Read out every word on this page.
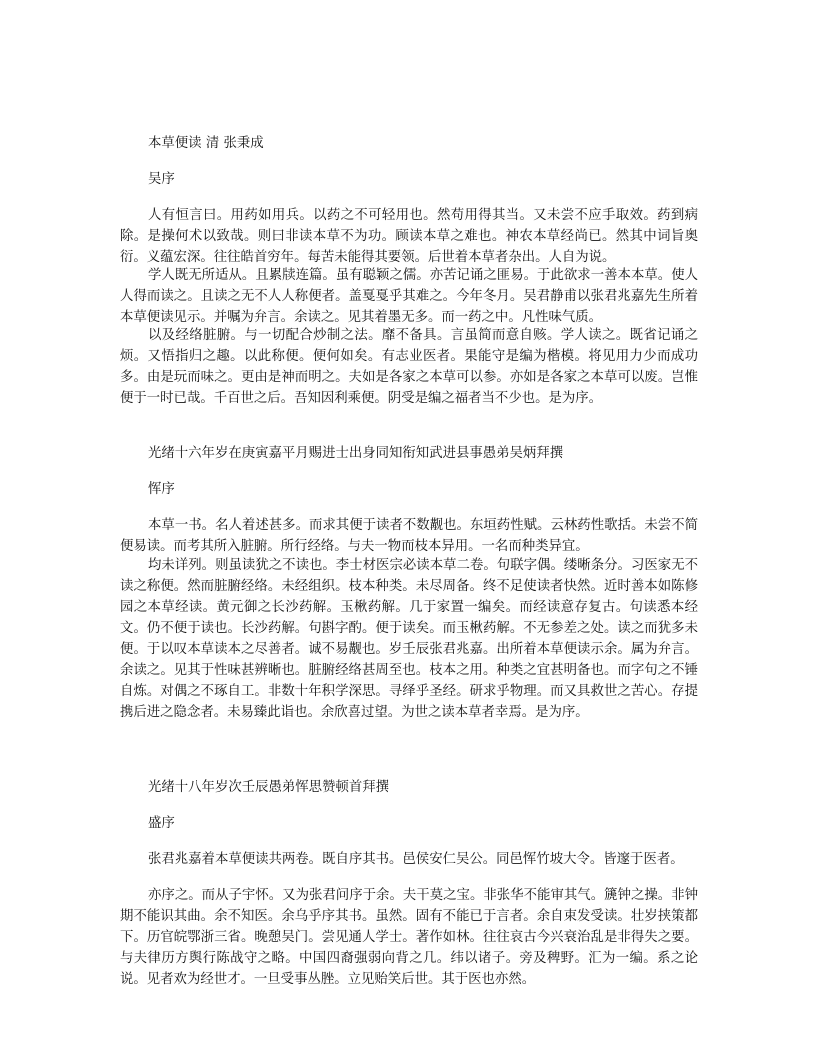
本草便读 清 张秉成

吴序

人有恒言曰。用药如用兵。以药之不可轻用也。然苟用得其当。又未尝不应手取效。药到病除。是操何术以致哉。则曰非读本草不为功。顾读本草之难也。神农本草经尚已。然其中词旨奥衍。义蕴宏深。往往皓首穷年。每苦未能得其要领。后世着本草者杂出。人自为说。

学人既无所适从。且累牍连篇。虽有聪颖之儒。亦苦记诵之匪易。于此欲求一善本本草。使人人得而读之。且读之无不人人称便者。盖戛戛乎其难之。今年冬月。吴君静甫以张君兆嘉先生所着本草便读见示。并嘱为弁言。余读之。见其着墨无多。而一药之中。凡性味气质。

以及经络脏腑。与一切配合炒制之法。靡不备具。言虽简而意自赅。学人读之。既省记诵之烦。又悟指归之趣。以此称便。便何如矣。有志业医者。果能守是编为楷模。将见用力少而成功多。由是玩而味之。更由是神而明之。夫如是各家之本草可以参。亦如是各家之本草可以废。岂惟便于一时已哉。千百世之后。吾知因利乘便。阴受是编之福者当不少也。是为序。

光绪十六年岁在庚寅嘉平月赐进士出身同知衔知武进县事愚弟吴炳拜撰

恽序

本草一书。名人着述甚多。而求其便于读者不数觏也。东垣药性赋。云林药性歌括。未尝不简便易读。而考其所入脏腑。所行经络。与夫一物而枝本异用。一名而种类异宜。

均未详列。则虽读犹之不读也。李士材医宗必读本草二卷。句联字偶。缕晰条分。习医家无不读之称便。然而脏腑经络。未经组织。枝本种类。未尽周备。终不足使读者快然。近时善本如陈修园之本草经读。黄元御之长沙药解。玉楸药解。几于家置一编矣。而经读意存复古。句读悉本经文。仍不便于读也。长沙药解。句斟字酌。便于读矣。而玉楸药解。不无参差之处。读之而犹多未便。于以叹本草读本之尽善者。诚不易觏也。岁壬辰张君兆嘉。出所着本草便读示余。属为弁言。余读之。见其于性味甚辨晰也。脏腑经络甚周至也。枝本之用。种类之宜甚明备也。而字句之不锤自炼。对偶之不琢自工。非数十年积学深思。寻绎乎圣经。研求乎物理。而又具救世之苦心。存提携后进之隐念者。未易臻此诣也。余欣喜过望。为世之读本草者幸焉。是为序。

光绪十八年岁次壬辰愚弟恽思赞顿首拜撰

盛序

张君兆嘉着本草便读共两卷。既自序其书。邑侯安仁吴公。同邑恽竹坡大令。皆邃于医者。

亦序之。而从子宇怀。又为张君问序于余。夫干莫之宝。非张华不能审其气。篪钟之操。非钟期不能识其曲。余不知医。余乌乎序其书。虽然。固有不能已于言者。余自束发受读。壮岁挟策都下。历官皖鄂浙三省。晚憩吴门。尝见通人学士。著作如林。往往哀古今兴衰治乱是非得失之要。与夫律历方舆行陈战守之略。中国四裔强弱向背之几。纬以诸子。旁及稗野。汇为一编。系之论说。见者欢为经世才。一旦受事丛脞。立见贻笑后世。其于医也亦然。
